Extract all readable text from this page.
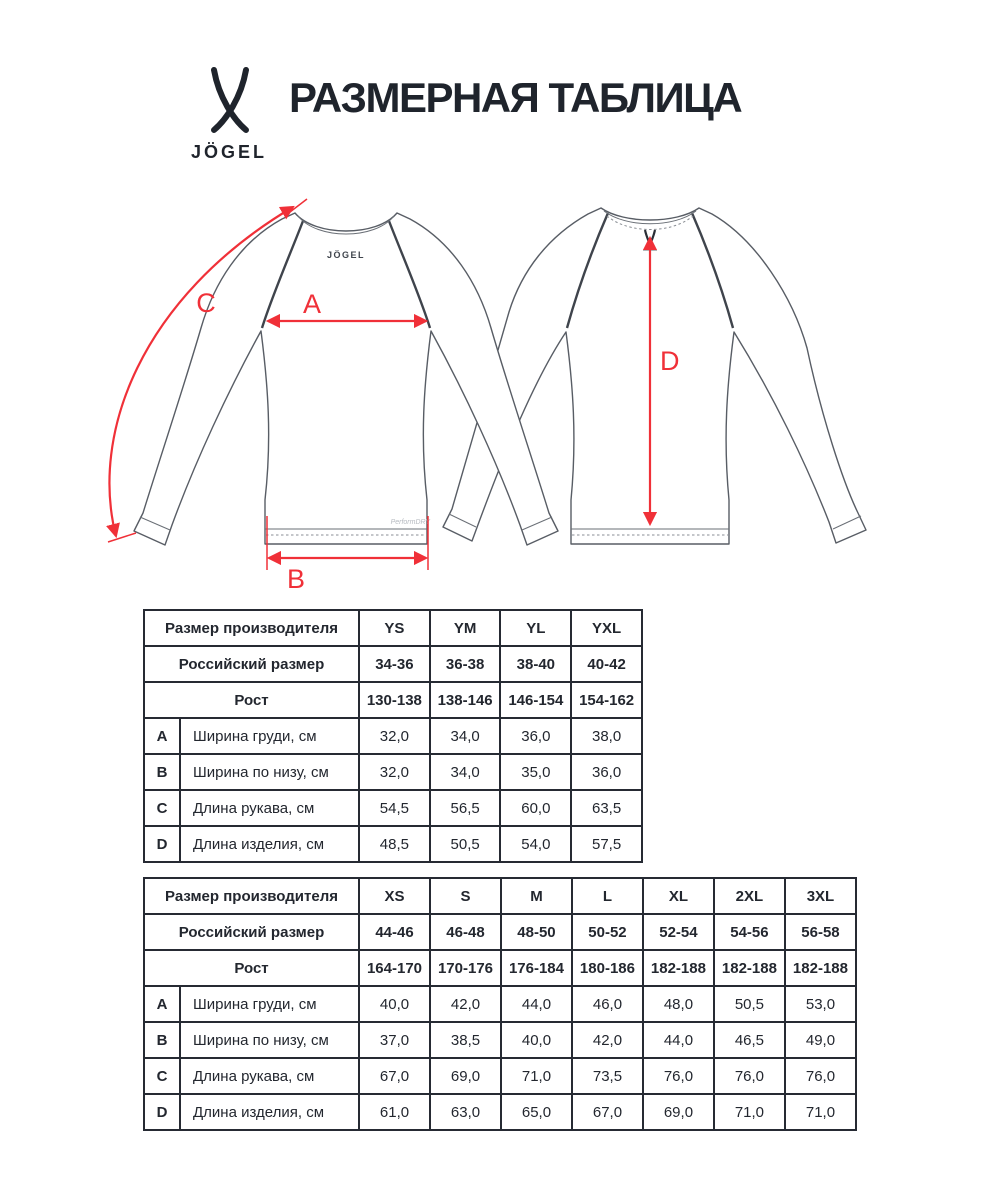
JÖGEL
РАЗМЕРНАЯ ТАБЛИЦА
D
JÖGEL
PerformDRY
A
B
C
Размер производителя		YS	YM	YL	YXL
Российский размер		34-36	36-38	38-40	40-42
Рост		130-138	138-146	146-154	154-162
A	Ширина груди, см	32,0	34,0	36,0	38,0
B	Ширина по низу, см	32,0	34,0	35,0	36,0
C	Длина рукава, см	54,5	56,5	60,0	63,5
D	Длина изделия, см	48,5	50,5	54,0	57,5
Размер производителя		XS	S	M	L	XL	2XL	3XL
Российский размер		44-46	46-48	48-50	50-52	52-54	54-56	56-58
Рост		164-170	170-176	176-184	180-186	182-188	182-188	182-188
A	Ширина груди, см	40,0	42,0	44,0	46,0	48,0	50,5	53,0
B	Ширина по низу, см	37,0	38,5	40,0	42,0	44,0	46,5	49,0
C	Длина рукава, см	67,0	69,0	71,0	73,5	76,0	76,0	76,0
D	Длина изделия, см	61,0	63,0	65,0	67,0	69,0	71,0	71,0
